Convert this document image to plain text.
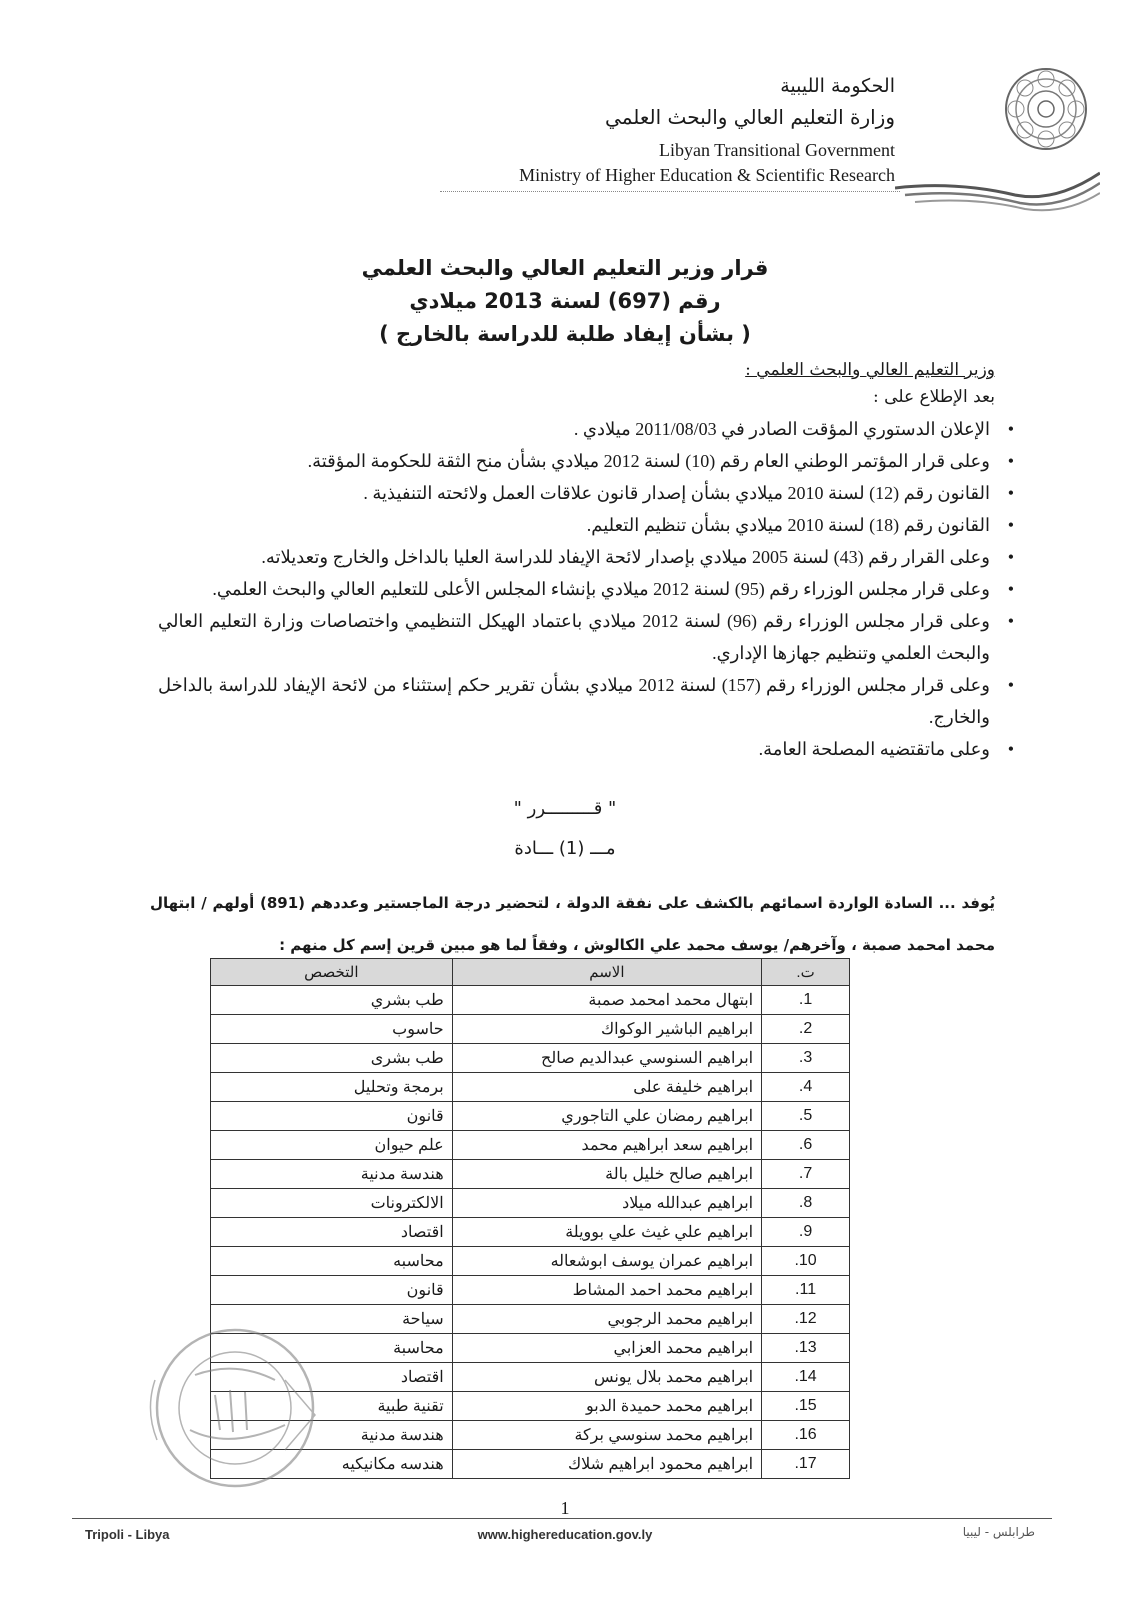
الحكومة الليبية
وزارة التعليم العالي والبحث العلمي
Libyan Transitional Government
Ministry of Higher Education & Scientific Research
قرار وزير التعليم العالي والبحث العلمي
رقم (697) لسنة 2013 ميلادي
( بشأن إيفاد طلبة للدراسة بالخارج )
وزير التعليم العالي والبحث العلمي :
بعد الإطلاع على :
• الإعلان الدستوري المؤقت الصادر في 2011/08/03 ميلادي .
• وعلى قرار المؤتمر الوطني العام رقم (10) لسنة 2012 ميلادي بشأن منح الثقة للحكومة المؤقتة.
• القانون رقم (12) لسنة 2010 ميلادي بشأن إصدار قانون علاقات العمل ولائحته التنفيذية .
• القانون رقم (18) لسنة 2010 ميلادي بشأن تنظيم التعليم.
• وعلى القرار رقم (43) لسنة 2005 ميلادي بإصدار لائحة الإيفاد للدراسة العليا بالداخل والخارج وتعديلاته.
• وعلى قرار مجلس الوزراء رقم (95) لسنة 2012 ميلادي بإنشاء المجلس الأعلى للتعليم العالي والبحث العلمي.
• وعلى قرار مجلس الوزراء رقم (96) لسنة 2012 ميلادي باعتماد الهيكل التنظيمي واختصاصات وزارة التعليم العالي والبحث العلمي وتنظيم جهازها الإداري.
• وعلى قرار مجلس الوزراء رقم (157) لسنة 2012 ميلادي بشأن تقرير حكم إستثناء من لائحة الإيفاد للدراسة بالداخل والخارج.
• وعلى ماتقتضيه المصلحة العامة.
" قـــــــــرر "
مـــ (1) ـــادة
يُوفد ... السادة الواردة اسمائهم بالكشف على نفقة الدولة ، لتحضير درجة الماجستير وعددهم (891) أولهم / ابتهال محمد امحمد صمبة ، وآخرهم/ يوسف محمد علي الكالوش ، وفقاً لما هو مبين قرين إسم كل منهم :
ت.	الاسم	التخصص
1.	ابتهال محمد امحمد صمبة	طب بشري
2.	ابراهيم الباشير الوكواك	حاسوب
3.	ابراهيم السنوسي عبدالديم صالح	طب بشرى
4.	ابراهيم خليفة على	برمجة وتحليل
5.	ابراهيم رمضان علي التاجوري	قانون
6.	ابراهيم سعد ابراهيم محمد	علم حيوان
7.	ابراهيم صالح خليل بالة	هندسة مدنية
8.	ابراهيم عبدالله ميلاد	الالكترونات
9.	ابراهيم علي غيث علي بوويلة	اقتصاد
10.	ابراهيم عمران يوسف ابوشعاله	محاسبه
11.	ابراهيم محمد احمد المشاط	قانون
12.	ابراهيم محمد الرجوبي	سياحة
13.	ابراهيم محمد العزابي	محاسبة
14.	ابراهيم محمد بلال يونس	اقتصاد
15.	ابراهيم محمد حميدة الدبو	تقنية طبية
16.	ابراهيم محمد سنوسي بركة	هندسة مدنية
17.	ابراهيم محمود ابراهيم شلاك	هندسه مكانيكيه
1
Tripoli - Libya	www.highereducation.gov.ly	طرابلس - ليبيا
